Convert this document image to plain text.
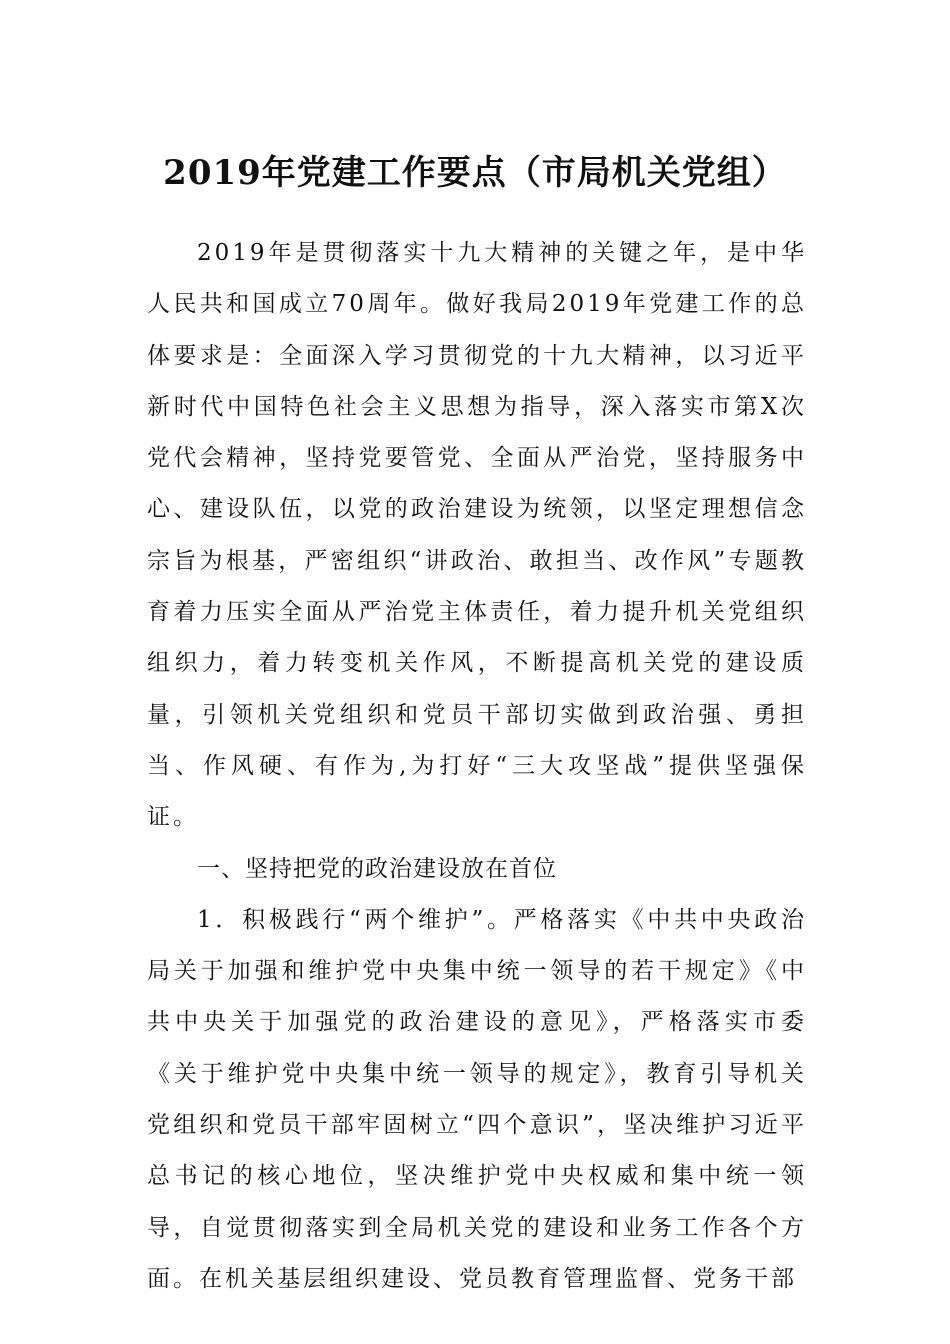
2019年党建工作要点（市局机关党组）

2019年是贯彻落实十九大精神的关键之年，是中华人民共和国成立70周年。做好我局2019年党建工作的总体要求是：全面深入学习贯彻党的十九大精神，以习近平新时代中国特色社会主义思想为指导，深入落实市第X次党代会精神，坚持党要管党、全面从严治党，坚持服务中心、建设队伍，以党的政治建设为统领，以坚定理想信念宗旨为根基，严密组织“讲政治、敢担当、改作风”专题教育着力压实全面从严治党主体责任，着力提升机关党组织组织力，着力转变机关作风，不断提高机关党的建设质量，引领机关党组织和党员干部切实做到政治强、勇担当、作风硬、有作为,为打好“三大攻坚战”提供坚强保证。

一、坚持把党的政治建设放在首位

1．积极践行“两个维护”。严格落实《中共中央政治局关于加强和维护党中央集中统一领导的若干规定》《中共中央关于加强党的政治建设的意见》，严格落实市委《关于维护党中央集中统一领导的规定》，教育引导机关党组织和党员干部牢固树立“四个意识”，坚决维护习近平总书记的核心地位，坚决维护党中央权威和集中统一领导，自觉贯彻落实到全局机关党的建设和业务工作各个方面。在机关基层组织建设、党员教育管理监督、党务干部
